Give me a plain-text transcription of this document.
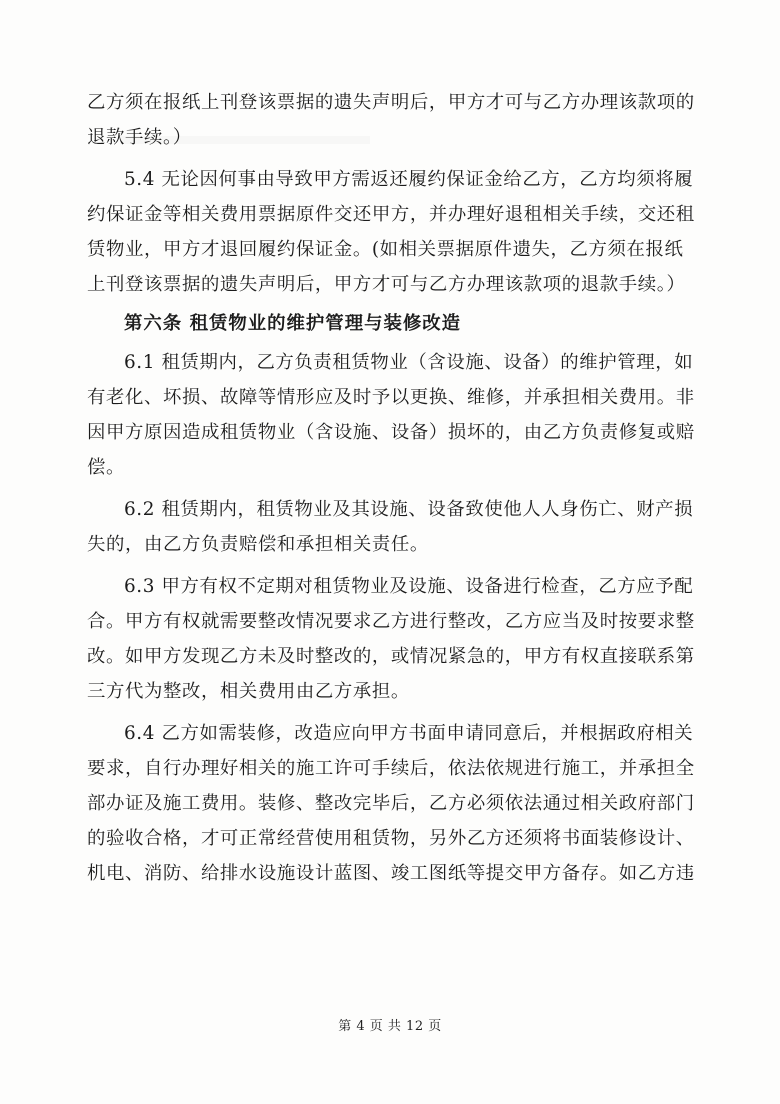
乙方须在报纸上刊登该票据的遗失声明后，甲方才可与乙方办理该款项的
退款手续。）
5.4 无论因何事由导致甲方需返还履约保证金给乙方，乙方均须将履
约保证金等相关费用票据原件交还甲方，并办理好退租相关手续，交还租
赁物业，甲方才退回履约保证金。(如相关票据原件遗失，乙方须在报纸
上刊登该票据的遗失声明后，甲方才可与乙方办理该款项的退款手续。）
第六条 租赁物业的维护管理与装修改造
6.1 租赁期内，乙方负责租赁物业（含设施、设备）的维护管理，如
有老化、坏损、故障等情形应及时予以更换、维修，并承担相关费用。非
因甲方原因造成租赁物业（含设施、设备）损坏的，由乙方负责修复或赔
偿。
6.2 租赁期内，租赁物业及其设施、设备致使他人人身伤亡、财产损
失的，由乙方负责赔偿和承担相关责任。
6.3 甲方有权不定期对租赁物业及设施、设备进行检查，乙方应予配
合。甲方有权就需要整改情况要求乙方进行整改，乙方应当及时按要求整
改。如甲方发现乙方未及时整改的，或情况紧急的，甲方有权直接联系第
三方代为整改，相关费用由乙方承担。
6.4 乙方如需装修，改造应向甲方书面申请同意后，并根据政府相关
要求，自行办理好相关的施工许可手续后，依法依规进行施工，并承担全
部办证及施工费用。装修、整改完毕后，乙方必须依法通过相关政府部门
的验收合格，才可正常经营使用租赁物，另外乙方还须将书面装修设计、
机电、消防、给排水设施设计蓝图、竣工图纸等提交甲方备存。如乙方违
第 4 页 共 12 页
